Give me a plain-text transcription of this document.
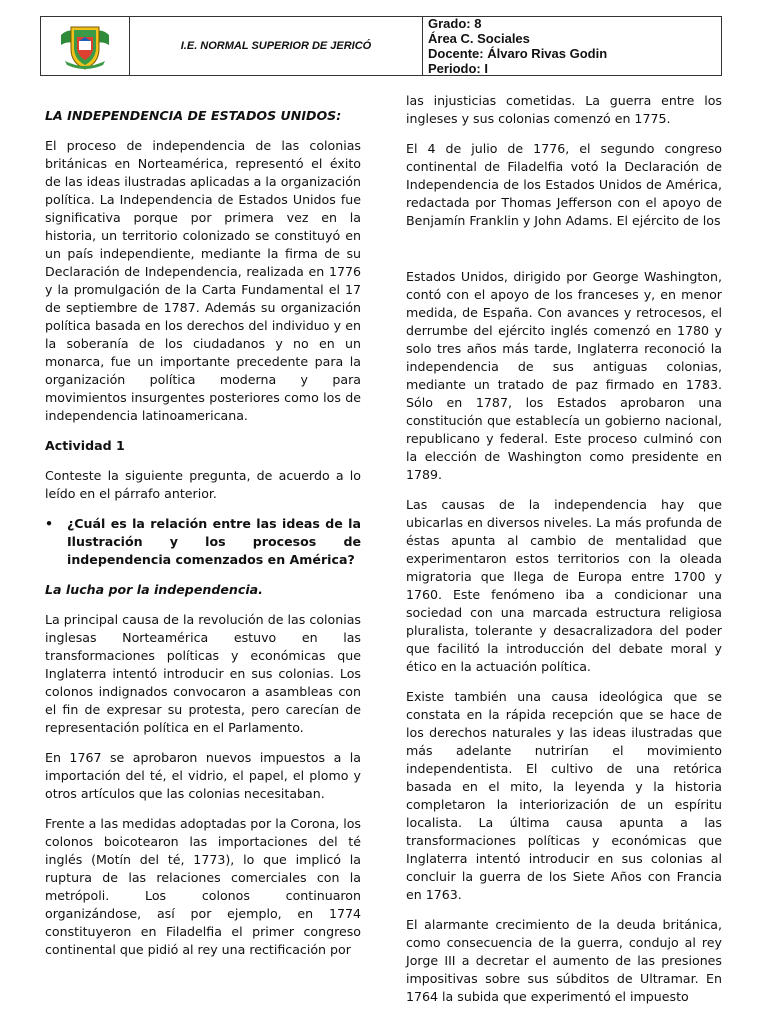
I.E. NORMAL SUPERIOR DE JERICÓ
Grado: 8
Área C. Sociales
Docente: Álvaro Rivas Godin
Periodo: I
LA INDEPENDENCIA DE ESTADOS UNIDOS:

El proceso de independencia de las colonias británicas en Norteamérica, representó el éxito de las ideas ilustradas aplicadas a la organización política. La Independencia de Estados Unidos fue significativa porque por primera vez en la historia, un territorio colonizado se constituyó en un país independiente, mediante la firma de su Declaración de Independencia, realizada en 1776 y la promulgación de la Carta Fundamental el 17 de septiembre de 1787. Además su organización política basada en los derechos del individuo y en la soberanía de los ciudadanos y no en un monarca, fue un importante precedente para la organización política moderna y para movimientos insurgentes posteriores como los de independencia latinoamericana.

Actividad 1

Conteste la siguiente pregunta, de acuerdo a lo leído en el párrafo anterior.

•	¿Cuál es la relación entre las ideas de la Ilustración y los procesos de independencia comenzados en América?
La lucha por la independencia.

La principal causa de la revolución de las colonias inglesas Norteamérica estuvo en las transformaciones políticas y económicas que Inglaterra intentó introducir en sus colonias. Los colonos indignados convocaron a asambleas con el fin de expresar su protesta, pero carecían de representación política en el Parlamento.

En 1767 se aprobaron nuevos impuestos a la importación del té, el vidrio, el papel, el plomo y otros artículos que las colonias necesitaban.

Frente a las medidas adoptadas por la Corona, los colonos boicotearon las importaciones del té inglés (Motín del té, 1773), lo que implicó la ruptura de las relaciones comerciales con la metrópoli. Los colonos continuaron organizándose, así por ejemplo, en 1774 constituyeron en Filadelfia el primer congreso continental que pidió al rey una rectificación por

las injusticias cometidas. La guerra entre los ingleses y sus colonias comenzó en 1775.

El 4 de julio de 1776, el segundo congreso continental de Filadelfia votó la Declaración de Independencia de los Estados Unidos de América, redactada por Thomas Jefferson con el apoyo de Benjamín Franklin y John Adams. El ejército de los

Estados Unidos, dirigido por George Washington, contó con el apoyo de los franceses y, en menor medida, de España. Con avances y retrocesos, el derrumbe del ejército inglés comenzó en 1780 y solo tres años más tarde, Inglaterra reconoció la independencia de sus antiguas colonias, mediante un tratado de paz firmado en 1783. Sólo en 1787, los Estados aprobaron una constitución que establecía un gobierno nacional, republicano y federal. Este proceso culminó con la elección de Washington como presidente en 1789.

Las causas de la independencia hay que ubicarlas en diversos niveles. La más profunda de éstas apunta al cambio de mentalidad que experimentaron estos territorios con la oleada migratoria que llega de Europa entre 1700 y 1760. Este fenómeno iba a condicionar una sociedad con una marcada estructura religiosa pluralista, tolerante y desacralizadora del poder que facilitó la introducción del debate moral y ético en la actuación política.

Existe también una causa ideológica que se constata en la rápida recepción que se hace de los derechos naturales y las ideas ilustradas que más adelante nutrirían el movimiento independentista. El cultivo de una retórica basada en el mito, la leyenda y la historia completaron la interiorización de un espíritu localista. La última causa apunta a las transformaciones políticas y económicas que Inglaterra intentó introducir en sus colonias al concluir la guerra de los Siete Años con Francia en 1763.

El alarmante crecimiento de la deuda británica, como consecuencia de la guerra, condujo al rey Jorge III a decretar el aumento de las presiones impositivas sobre sus súbditos de Ultramar. En 1764 la subida que experimentó el impuesto
